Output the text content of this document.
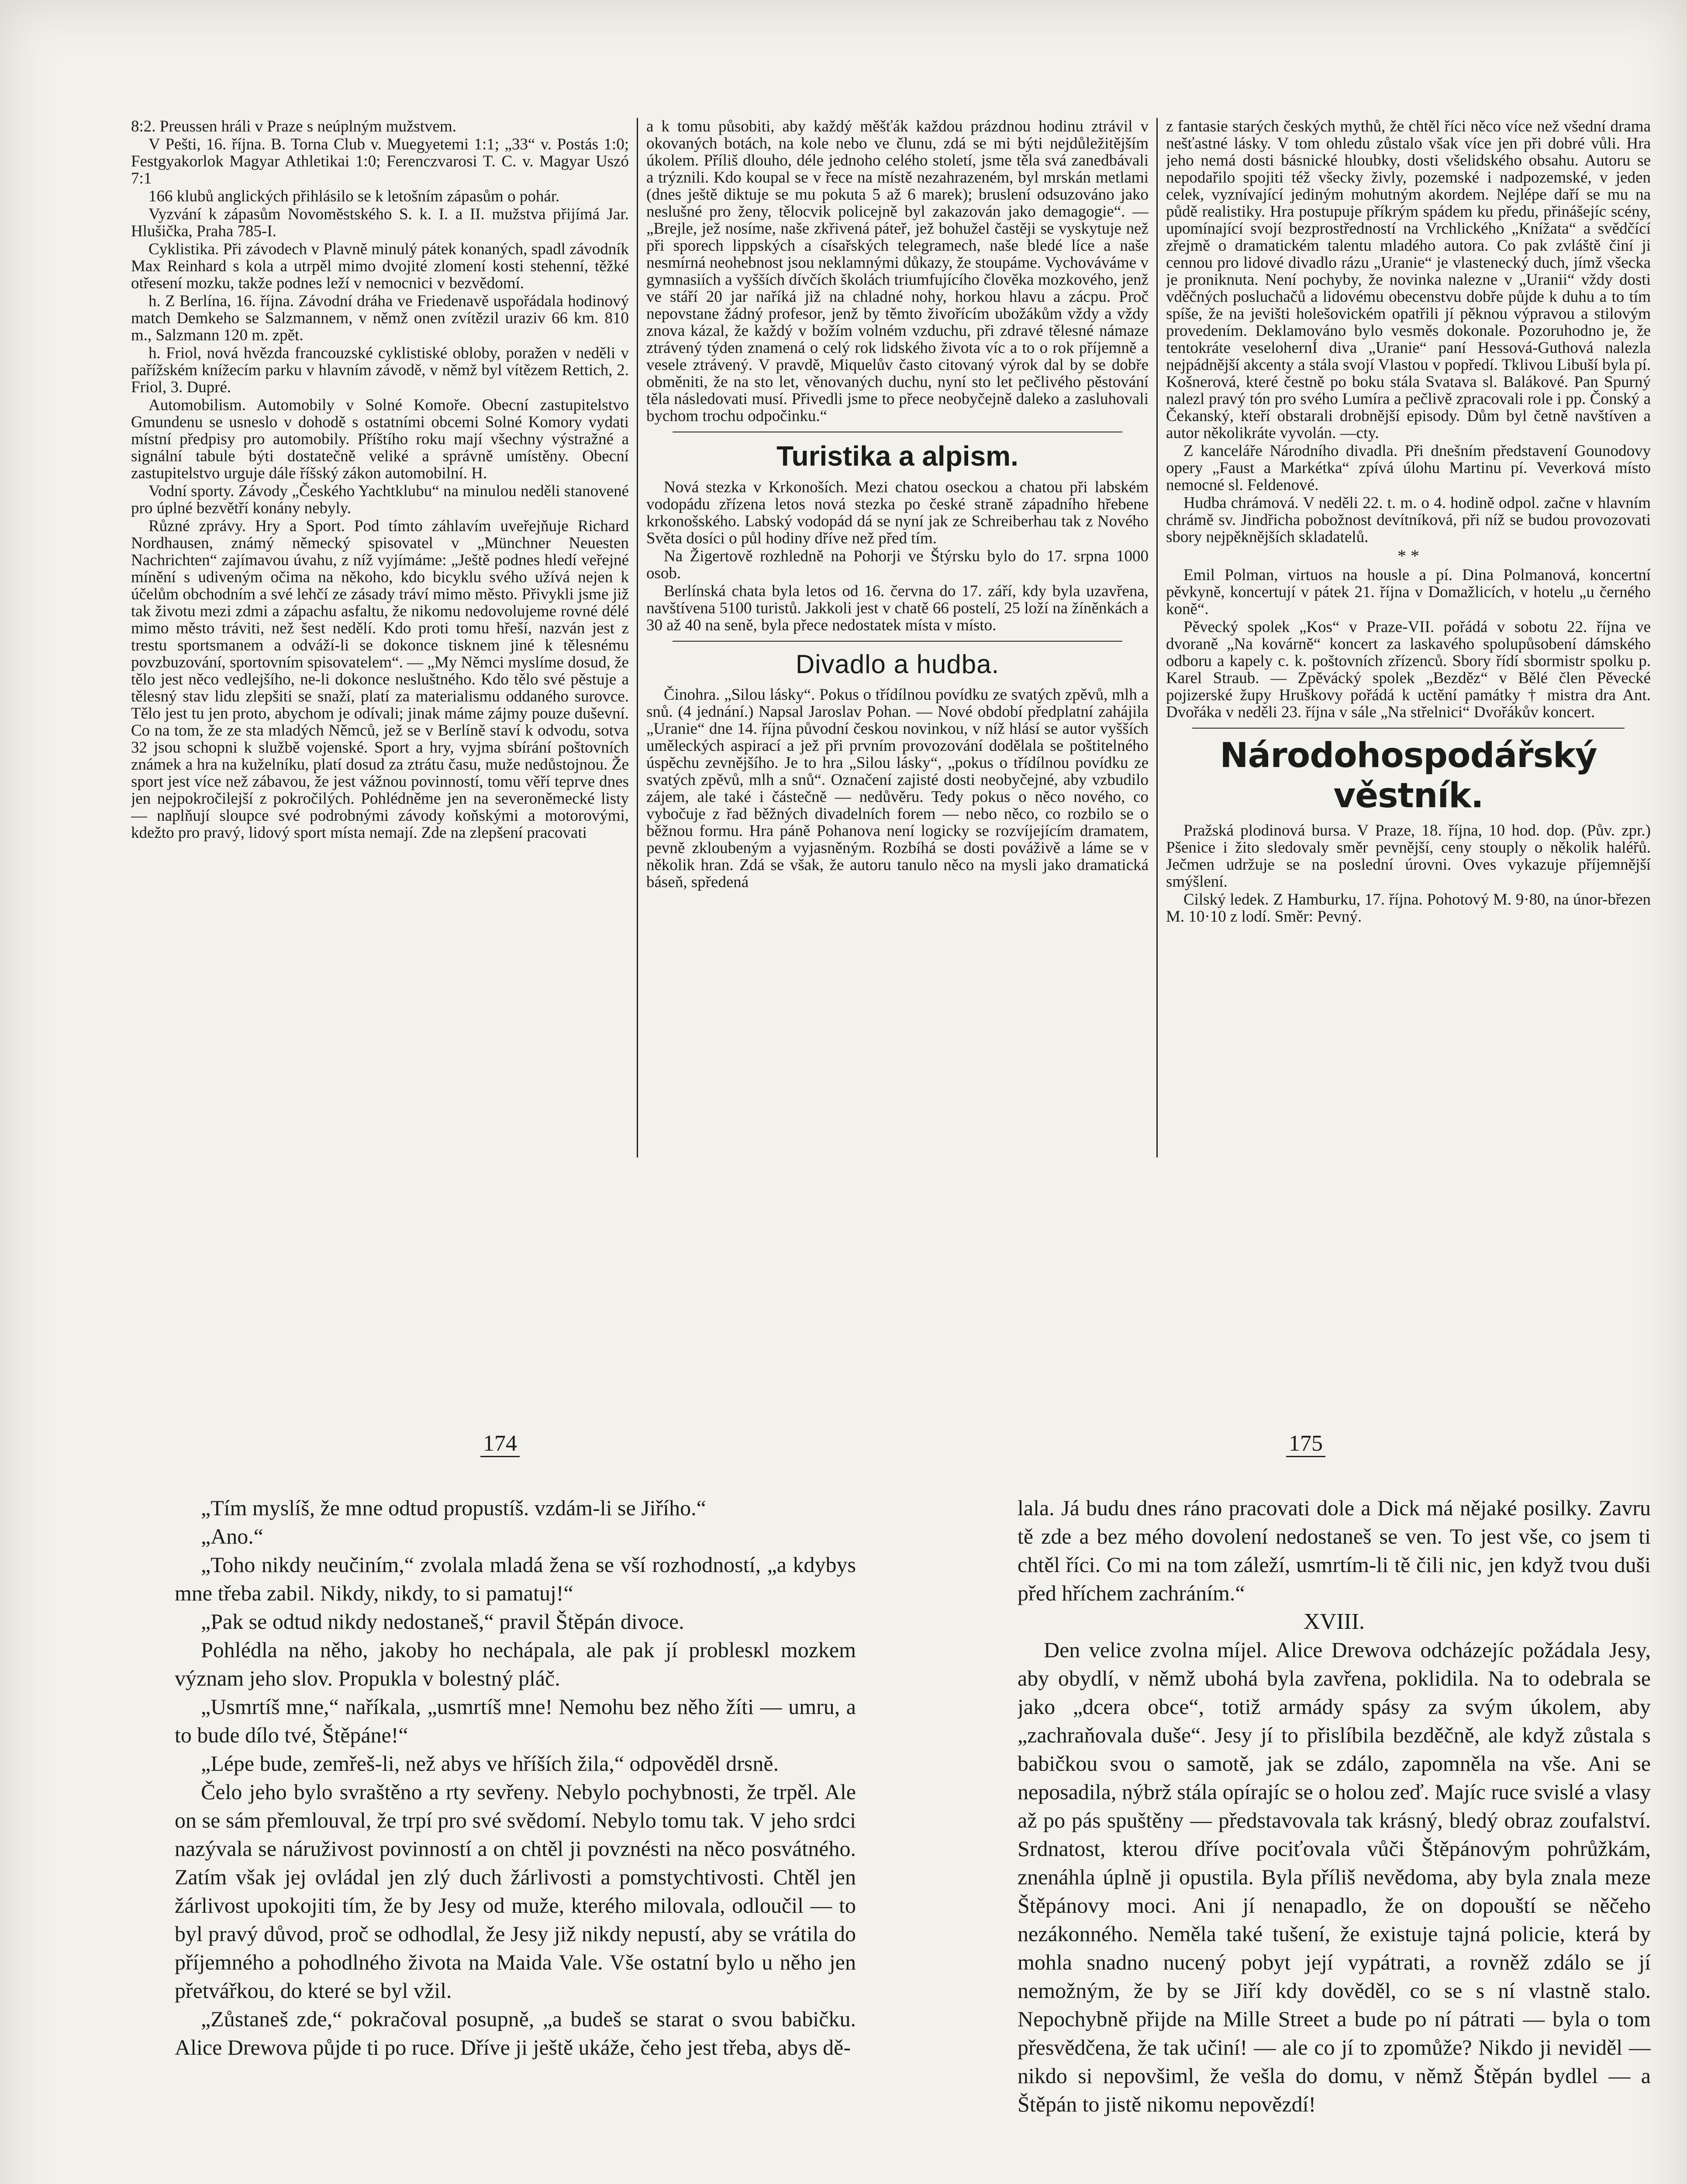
8:2. Preussen hráli v Praze s neúplným mužstvem.

V Pešti, 16. října. B. Torna Club v. Muegyetemi 1:1; „33“ v. Postás 1:0; Festgyakorlok Magyar Athletikai 1:0; Ferenczvarosi T. C. v. Magyar Uszó 7:1

166 klubů anglických přihlásilo se k letošním zápasům o pohár.

Vyzvání k zápasům Novoměstského S. k. I. a II. mužstva přijímá Jar. Hlušička, Praha 785-I.

Cyklistika. Při závodech v Plavně minulý pátek konaných, spadl závodník Max Reinhard s kola a utrpěl mimo dvojité zlomení kosti stehenní, těžké otřesení mozku, takže podnes leží v nemocnici v bezvědomí.

h. Z Berlína, 16. října. Závodní dráha ve Friedenavě uspořádala hodinový match Demkeho se Salzmannem, v němž onen zvítězil uraziv 66 km. 810 m., Salzmann 120 m. zpět.

h. Friol, nová hvězda francouzské cyklistiské obloby, poražen v neděli v pařížském knížecím parku v hlavním závodě, v němž byl vítězem Rettich, 2. Friol, 3. Dupré.

Automobilism. Automobily v Solné Komoře. Obecní zastupitelstvo Gmundenu se usneslo v dohodě s ostatními obcemi Solné Komory vydati místní předpisy pro automobily. Příštího roku mají všechny výstražné a signální tabule býti dostatečně veliké a správně umístěny. Obecní zastupitelstvo urguje dále říšský zákon automobilní. H.

Vodní sporty. Závody „Českého Yachtklubu“ na minulou neděli stanovené pro úplné bezvětří konány nebyly.

Různé zprávy. Hry a Sport. Pod tímto záhlavím uveřejňuje Richard Nordhausen, známý německý spisovatel v „Münchner Neuesten Nachrichten“ zajímavou úvahu, z níž vyjímáme: „Ještě podnes hledí veřejné mínění s udiveným očima na někoho, kdo bicyklu svého užívá nejen k účelům obchodním a své lehčí ze zásady tráví mimo město. Přivykli jsme již tak životu mezi zdmi a zápachu asfaltu, že nikomu nedovolujeme rovné délé mimo město tráviti, než šest nedělí. Kdo proti tomu hřeší, nazván jest z trestu sportsmanem a odváží-li se dokonce tisknem jiné k tělesnému povzbuzování, sportovním spisovatelem“. — „My Němci myslíme dosud, že tělo jest něco vedlejšího, ne-li dokonce nesluštného. Kdo tělo své pěstuje a tělesný stav lidu zlepšiti se snaží, platí za materialismu oddaného surovce. Tělo jest tu jen proto, abychom je odívali; jinak máme zájmy pouze duševní. Co na tom, že ze sta mladých Němců, jež se v Berlíně staví k odvodu, sotva 32 jsou schopni k službě vojenské. Sport a hry, vyjma sbírání poštovních známek a hra na kuželníku, platí dosud za ztrátu času, muže nedůstojnou. Že sport jest více než zábavou, že jest vážnou povinností, tomu věří teprve dnes jen nejpokročilejší z pokročilých. Pohlédněme jen na severoněmecké listy — naplňují sloupce své podrobnými závody koňskými a motorovými, kdežto pro pravý, lidový sport místa nemají. Zde na zlepšení pracovati

a k tomu působiti, aby každý měšťák každou prázdnou hodinu ztrávil v okovaných botách, na kole nebo ve člunu, zdá se mi býti nejdůležitějším úkolem. Příliš dlouho, déle jednoho celého století, jsme těla svá zanedbávali a trýznili. Kdo koupal se v řece na místě nezahrazeném, byl mrskán metlami (dnes ještě diktuje se mu pokuta 5 až 6 marek); bruslení odsuzováno jako neslušné pro ženy, tělocvik policejně byl zakazován jako demagogie“. — „Brejle, jež nosíme, naše zkřivená páteř, jež bohužel častěji se vyskytuje než při sporech lippských a císařských telegramech, naše bledé líce a naše nesmírná neohebnost jsou neklamnými důkazy, že stoupáme. Vychováváme v gymnasiích a vyšších dívčích školách triumfujícího člověka mozkového, jenž ve stáří 20 jar naříká již na chladné nohy, horkou hlavu a zácpu. Proč nepovstane žádný profesor, jenž by těmto živořícím ubožákům vždy a vždy znova kázal, že každý v božím volném vzduchu, při zdravé tělesné námaze ztrávený týden znamená o celý rok lidského života víc a to o rok příjemně a vesele ztrávený. V pravdě, Miquelův často citovaný výrok dal by se dobře obměniti, že na sto let, věnovaných duchu, nyní sto let pečlivého pěstování těla následovati musí. Přivedli jsme to přece neobyčejně daleko a zasluhovali bychom trochu odpočinku.“

Turistika a alpism.

Nová stezka v Krkonoších. Mezi chatou oseckou a chatou při labském vodopádu zřízena letos nová stezka po české straně západního hřebene krkonošského. Labský vodopád dá se nyní jak ze Schreiberhau tak z Nového Světa dosíci o půl hodiny dříve než před tím.

Na Žigertově rozhledně na Pohorji ve Štýrsku bylo do 17. srpna 1000 osob.

Berlínská chata byla letos od 16. června do 17. září, kdy byla uzavřena, navštívena 5100 turistů. Jakkoli jest v chatě 66 postelí, 25 loží na žíněnkách a 30 až 40 na seně, byla přece nedostatek místa v místo.

Divadlo a hudba.

Činohra. „Silou lásky“. Pokus o třídílnou povídku ze svatých zpěvů, mlh a snů. (4 jednání.) Napsal Jaroslav Pohan. — Nové období předplatní zahájila „Uranie“ dne 14. října původní českou novinkou, v níž hlásí se autor vyšších uměleckých aspirací a jež při prvním provozování dodělala se poštitelného úspěchu zevnějšího. Je to hra „Silou lásky“, „pokus o třídílnou povídku ze svatých zpěvů, mlh a snů“. Označení zajisté dosti neobyčejné, aby vzbudilo zájem, ale také i částečně — nedůvěru. Tedy pokus o něco nového, co vybočuje z řad běžných divadelních forem — nebo něco, co rozbilo se o běžnou formu. Hra páně Pohanova není logicky se rozvíjejícím dramatem, pevně zkloubeným a vyjasněným. Rozbíhá se dosti pováživě a láme se v několik hran. Zdá se však, že autoru tanulo něco na mysli jako dramatická báseň, spředená

z fantasie starých českých mythů, že chtěl říci něco více než všední drama nešťastné lásky. V tom ohledu zůstalo však více jen při dobré vůli. Hra jeho nemá dosti básnické hloubky, dosti všelidského obsahu. Autoru se nepodařilo spojiti též všecky živly, pozemské i nadpozemské, v jeden celek, vyznívající jediným mohutným akordem. Nejlépe daří se mu na půdě realistiky. Hra postupuje příkrým spádem ku předu, přinášejíc scény, upomínající svojí bezprostředností na Vrchlického „Knížata“ a svědčící zřejmě o dramatickém talentu mladého autora. Co pak zvláště činí ji cennou pro lidové divadlo rázu „Uranie“ je vlastenecký duch, jímž všecka je proniknuta. Není pochyby, že novinka nalezne v „Uranii“ vždy dosti vděčných posluchačů a lidovému obecenstvu dobře půjde k duhu a to tím spíše, že na jevišti holešovickém opatřili jí pěknou výpravou a stilovým provedením. Deklamováno bylo vesměs dokonale. Pozoruhodno je, že tentokráte veselohernÍ diva „Uranie“ paní Hessová-Guthová nalezla nejpádnější akcenty a stála svojí Vlastou v popředí. Tklivou Libuší byla pí. Košnerová, které čestně po boku stála Svatava sl. Balákové. Pan Spurný nalezl pravý tón pro svého Lumíra a pečlivě zpracovali role i pp. Čonský a Čekanský, kteří obstarali drobnější episody. Dům byl četně navštíven a autor několikráte vyvolán. —cty.

Z kanceláře Národního divadla. Při dnešním představení Gounodovy opery „Faust a Markétka“ zpívá úlohu Martinu pí. Veverková místo nemocné sl. Feldenové.

Hudba chrámová. V neděli 22. t. m. o 4. hodině odpol. začne v hlavním chrámě sv. Jindřicha pobožnost devítníková, při níž se budou provozovati sbory nejpěknějších skladatelů.

* *

Emil Polman, virtuos na housle a pí. Dina Polmanová, koncertní pěvkyně, koncertují v pátek 21. října v Domažlicích, v hotelu „u černého koně“.

Pěvecký spolek „Kos“ v Praze-VII. pořádá v sobotu 22. října ve dvoraně „Na kovárně“ koncert za laskavého spolupůsobení dámského odboru a kapely c. k. poštovních zřízenců. Sbory řídí sbormistr spolku p. Karel Straub. — Zpěvácký spolek „Bezděz“ v Bělé člen Pěvecké pojizerské župy Hruškovy pořádá k uctění památky † mistra dra Ant. Dvořáka v neděli 23. října v sále „Na střelnici“ Dvořákův koncert.

Národohospodářský věstník.

Pražská plodinová bursa. V Praze, 18. října, 10 hod. dop. (Pův. zpr.) Pšenice i žito sledovaly směr pevnější, ceny stouply o několik haléřů. Ječmen udržuje se na poslední úrovni. Oves vykazuje příjemnější smýšlení.

Cilský ledek. Z Hamburku, 17. října. Pohotový M. 9·80, na únor-březen M. 10·10 z lodí. Směr: Pevný.

174	175

„Tím myslíš, že mne odtud propustíš. vzdám-li se Jiřího.“

„Ano.“

„Toho nikdy neučiním,“ zvolala mladá žena se vší rozhodností, „a kdybys mne třeba zabil. Nikdy, nikdy, to si pamatuj!“

„Pak se odtud nikdy nedostaneš,“ pravil Štěpán divoce.

Pohlédla na něho, jakoby ho nechápala, ale pak jí problesкl mozkem význam jeho slov. Propukla v bolestný pláč.

„Usmrtíš mne,“ naříkala, „usmrtíš mne! Nemohu bez něho žíti — umru, a to bude dílo tvé, Štěpáne!“

„Lépe bude, zemřeš-li, než abys ve hříších žila,“ odpověděl drsně.

Čelo jeho bylo svraštěno a rty sevřeny. Nebylo pochybnosti, že trpěl. Ale on se sám přemlouval, že trpí pro své svědomí. Nebylo tomu tak. V jeho srdci nazývala se náruživost povinností a on chtěl ji povznésti na něco posvátného. Zatím však jej ovládal jen zlý duch žárlivosti a pomstychtivosti. Chtěl jen žárlivost upokojiti tím, že by Jesy od muže, kterého milovala, odloučil — to byl pravý důvod, proč se odhodlal, že Jesy již nikdy nepustí, aby se vrátila do příjemného a pohodlného života na Maida Vale. Vše ostatní bylo u něho jen přetvářkou, do které se byl vžil.

„Zůstaneš zde,“ pokračoval posupně, „a budeš se starat o svou babičku. Alice Drewova půjde ti po ruce. Dříve ji ještě ukáže, čeho jest třeba, abys dě-

lala. Já budu dnes ráno pracovati dole a Dick má nějaké posilky. Zavru tě zde a bez mého dovolení nedostaneš se ven. To jest vše, co jsem ti chtěl říci. Co mi na tom záleží, usmrtím-li tě čili nic, jen když tvou duši před hříchem zachráním.“

XVIII.

Den velice zvolna míjel. Alice Drewova odcházejíc požádala Jesy, aby obydlí, v němž ubohá byla zavřena, poklidila. Na to odebrala se jako „dcera obce“, totiž armády spásy za svým úkolem, aby „zachraňovala duše“. Jesy jí to přislíbila bezděčně, ale když zůstala s babičkou svou o samotě, jak se zdálo, zapomněla na vše. Ani se neposadila, nýbrž stála opírajíc se o holou zeď. Majíc ruce svislé a vlasy až po pás spuštěny — představovala tak krásný, bledý obraz zoufalství. Srdnatost, kterou dříve pociťovala vůči Štěpánovým pohrůžkám, znenáhla úplně ji opustila. Byla příliš nevědoma, aby byla znala meze Štěpánovy moci. Ani jí nenapadlo, že on dopouští se něčeho nezákonného. Neměla také tušení, že existuje tajná policie, která by mohla snadno nucený pobyt její vypátrati, a rovněž zdálo se jí nemožným, že by se Jiří kdy dověděl, co se s ní vlastně stalo. Nepochybně přijde na Mille Street a bude po ní pátrati — byla o tom přesvědčena, že tak učiní! — ale co jí to zpomůže? Nikdo ji neviděl — nikdo si nepovšiml, že vešla do domu, v němž Štěpán bydlel — a Štěpán to jistě nikomu nepovězdí!
